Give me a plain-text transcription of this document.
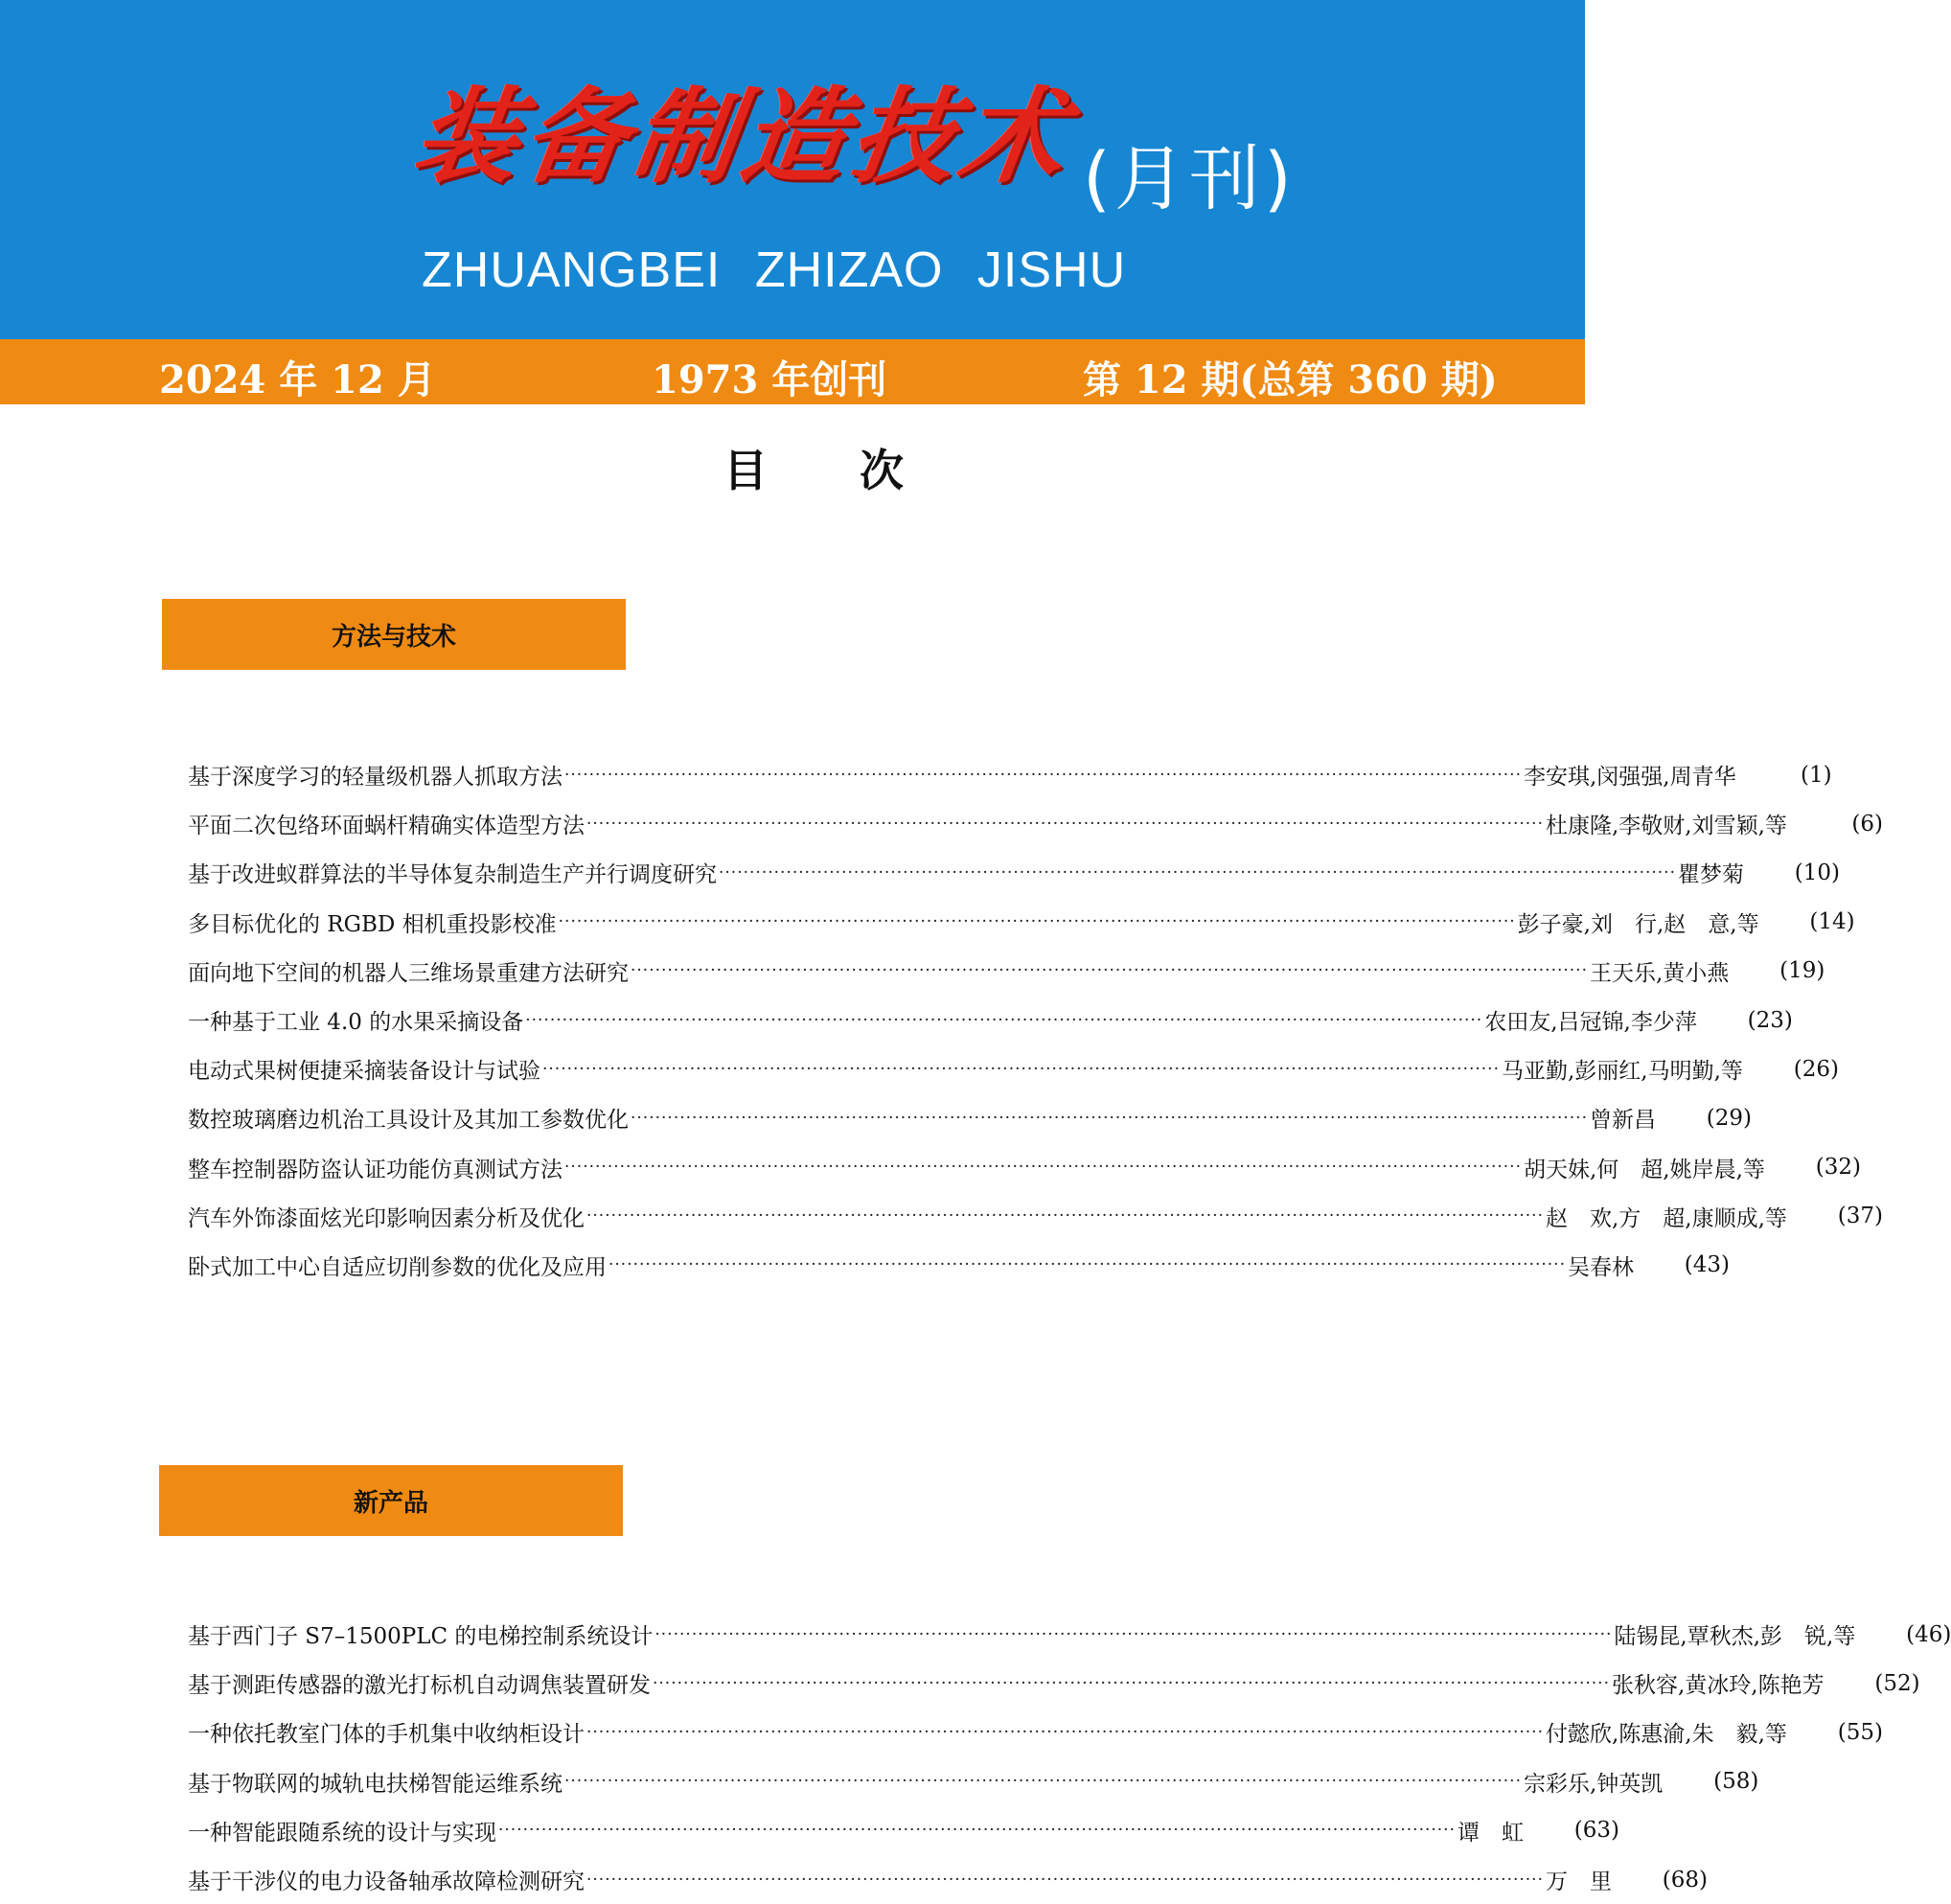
装备制造技术 (月刊)
ZHUANGBEI ZHIZAO JISHU
2024 年 12 月	1973 年创刊	第 12 期(总第 360 期)
目次
方法与技术
基于深度学习的轻量级机器人抓取方法 ···························································································································································· 李安琪,闵强强,周青华	(1)
平面二次包络环面蜗杆精确实体造型方法 ···························································································································································· 杜康隆,李敬财,刘雪颖,等	(6)
基于改进蚁群算法的半导体复杂制造生产并行调度研究 ···························································································································································· 瞿梦菊	(10)
多目标优化的 RGBD 相机重投影校准 ···························································································································································· 彭子豪,刘　行,赵　意,等	(14)
面向地下空间的机器人三维场景重建方法研究 ···························································································································································· 王天乐,黄小燕	(19)
一种基于工业 4.0 的水果采摘设备 ···························································································································································· 农田友,吕冠锦,李少萍	(23)
电动式果树便捷采摘装备设计与试验 ···························································································································································· 马亚勤,彭丽红,马明勤,等	(26)
数控玻璃磨边机治工具设计及其加工参数优化 ···························································································································································· 曾新昌	(29)
整车控制器防盗认证功能仿真测试方法 ···························································································································································· 胡天妹,何　超,姚岸晨,等	(32)
汽车外饰漆面炫光印影响因素分析及优化 ···························································································································································· 赵　欢,方　超,康顺成,等	(37)
卧式加工中心自适应切削参数的优化及应用 ···························································································································································· 吴春林	(43)
新产品
基于西门子 S7–1500PLC 的电梯控制系统设计 ···························································································································································· 陆锡昆,覃秋杰,彭　锐,等	(46)
基于测距传感器的激光打标机自动调焦装置研发 ···························································································································································· 张秋容,黄冰玲,陈艳芳	(52)
一种依托教室门体的手机集中收纳柜设计 ···························································································································································· 付懿欣,陈惠渝,朱　毅,等	(55)
基于物联网的城轨电扶梯智能运维系统 ···························································································································································· 宗彩乐,钟英凯	(58)
一种智能跟随系统的设计与实现 ···························································································································································· 谭　虹	(63)
基于干涉仪的电力设备轴承故障检测研究 ···························································································································································· 万　里	(68)
